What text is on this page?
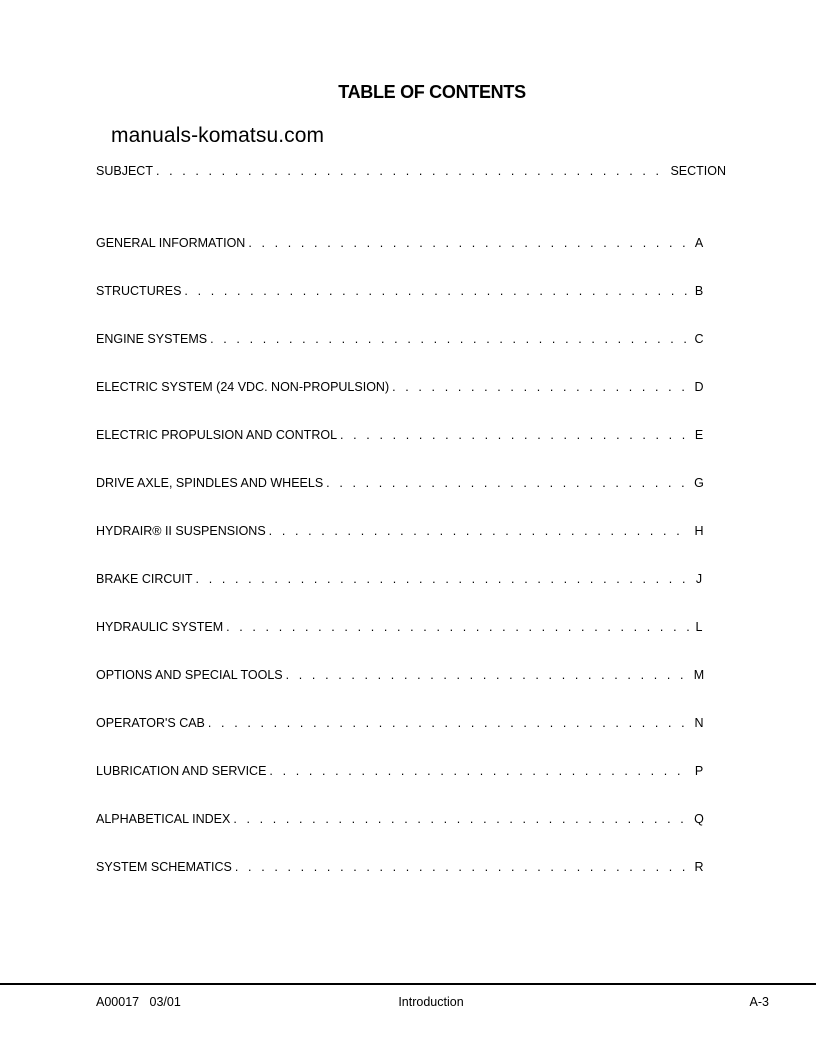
TABLE OF CONTENTS
manuals-komatsu.com
SUBJECT . . .	SECTION
GENERAL INFORMATION . . .	A
STRUCTURES . . .	B
ENGINE SYSTEMS . . .	C
ELECTRIC SYSTEM (24 VDC. NON-PROPULSION) . . .	D
ELECTRIC PROPULSION AND CONTROL . . .	E
DRIVE AXLE, SPINDLES AND WHEELS . . .	G
HYDRAIR® II SUSPENSIONS . . .	H
BRAKE CIRCUIT . . .	J
HYDRAULIC SYSTEM . . .	L
OPTIONS AND SPECIAL TOOLS . . .	M
OPERATOR'S CAB . . .	N
LUBRICATION AND SERVICE . . .	P
ALPHABETICAL INDEX . . .	Q
SYSTEM SCHEMATICS . . .	R
A00017   03/01	Introduction	A-3
